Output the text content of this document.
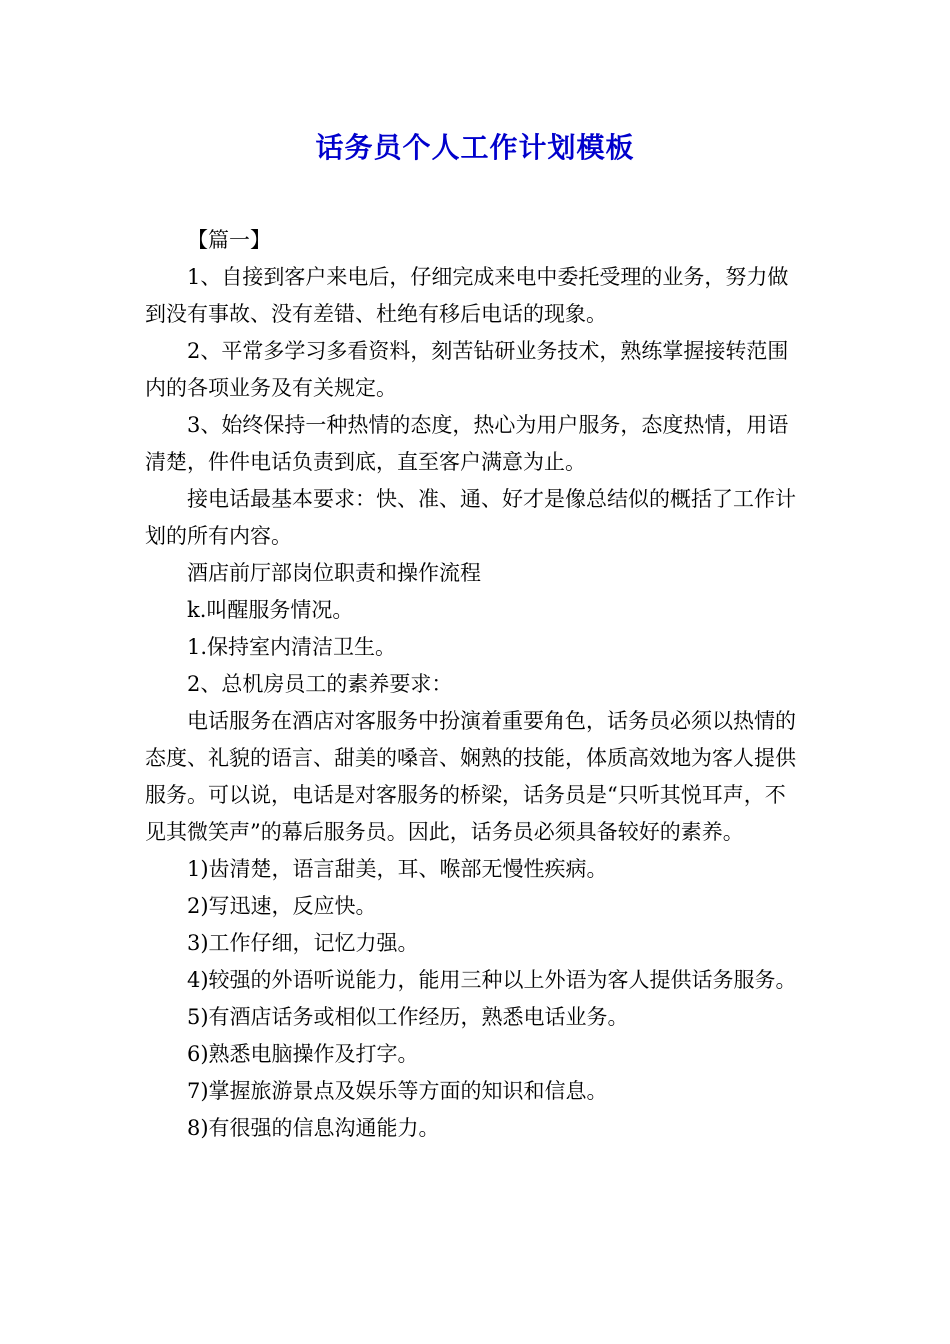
话务员个人工作计划模板

【篇一】

1、自接到客户来电后，仔细完成来电中委托受理的业务，努力做到没有事故、没有差错、杜绝有移后电话的现象。

2、平常多学习多看资料，刻苦钻研业务技术，熟练掌握接转范围内的各项业务及有关规定。

3、始终保持一种热情的态度，热心为用户服务，态度热情，用语清楚，件件电话负责到底，直至客户满意为止。

接电话最基本要求：快、准、通、好才是像总结似的概括了工作计划的所有内容。

酒店前厅部岗位职责和操作流程

k.叫醒服务情况。

1.保持室内清洁卫生。

2、总机房员工的素养要求：

电话服务在酒店对客服务中扮演着重要角色，话务员必须以热情的态度、礼貌的语言、甜美的嗓音、娴熟的技能，体质高效地为客人提供服务。可以说，电话是对客服务的桥梁，话务员是“只听其悦耳声，不见其微笑声”的幕后服务员。因此，话务员必须具备较好的素养。

1)齿清楚，语言甜美，耳、喉部无慢性疾病。

2)写迅速，反应快。

3)工作仔细，记忆力强。

4)较强的外语听说能力，能用三种以上外语为客人提供话务服务。

5)有酒店话务或相似工作经历，熟悉电话业务。

6)熟悉电脑操作及打字。

7)掌握旅游景点及娱乐等方面的知识和信息。

8)有很强的信息沟通能力。
